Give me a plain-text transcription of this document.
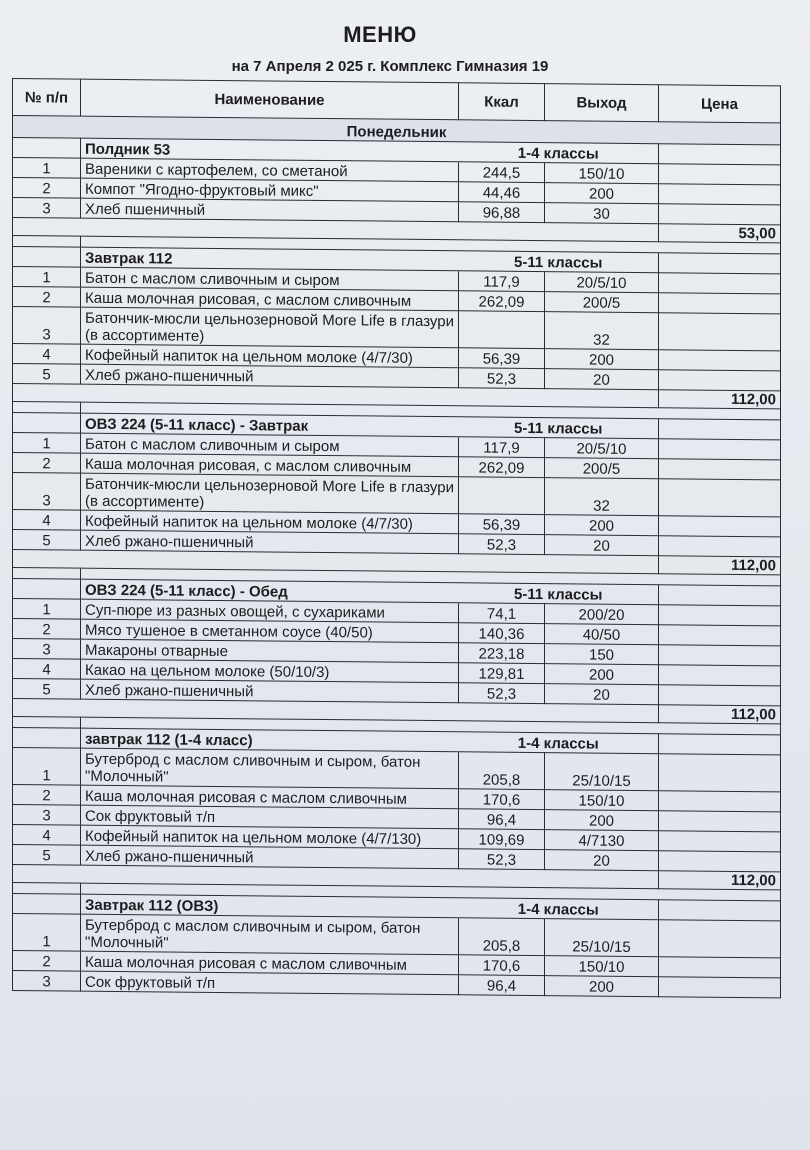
МЕНЮ
на 7 Апреля 2 025 г. Комплекс Гимназия 19
№ п/п	Наименование	Ккал	Выход	Цена
Понедельник				
	Полдник 53	1-4 классы		
1	Вареники с картофелем, со сметаной	244,5	150/10	
2	Компот "Ягодно-фруктовый микс"	44,46	200	
3	Хлеб пшеничный	96,88	30	
				53,00

	Завтрак 112	5-11 классы		
1	Батон с маслом сливочным и сыром	117,9	20/5/10	
2	Каша молочная рисовая, с маслом сливочным	262,09	200/5	
3	Батончик-мюсли цельнозерновой More Life в глазури (в ассортименте)		32	
4	Кофейный напиток на цельном молоке (4/7/30)	56,39	200	
5	Хлеб ржано-пшеничный	52,3	20	
				112,00

	ОВЗ 224 (5-11 класс) - Завтрак	5-11 классы		
1	Батон с маслом сливочным и сыром	117,9	20/5/10	
2	Каша молочная рисовая, с маслом сливочным	262,09	200/5	
3	Батончик-мюсли цельнозерновой More Life в глазури (в ассортименте)		32	
4	Кофейный напиток на цельном молоке (4/7/30)	56,39	200	
5	Хлеб ржано-пшеничный	52,3	20	
				112,00

	ОВЗ 224 (5-11 класс) - Обед	5-11 классы		
1	Суп-пюре из разных овощей, с сухариками	74,1	200/20	
2	Мясо тушеное в сметанном соусе (40/50)	140,36	40/50	
3	Макароны отварные	223,18	150	
4	Какао на цельном молоке (50/10/3)	129,81	200	
5	Хлеб ржано-пшеничный	52,3	20	
				112,00

	завтрак 112 (1-4 класс)	1-4 классы		
1	Бутерброд с маслом сливочным и сыром, батон "Молочный"	205,8	25/10/15	
2	Каша молочная рисовая с маслом сливочным	170,6	150/10	
3	Сок фруктовый т/п	96,4	200	
4	Кофейный напиток на цельном молоке (4/7/130)	109,69	4/7130	
5	Хлеб ржано-пшеничный	52,3	20	
				112,00

	Завтрак 112 (ОВЗ)	1-4 классы		
1	Бутерброд с маслом сливочным и сыром, батон "Молочный"	205,8	25/10/15	
2	Каша молочная рисовая с маслом сливочным	170,6	150/10	
3	Сок фруктовый т/п	96,4	200	
